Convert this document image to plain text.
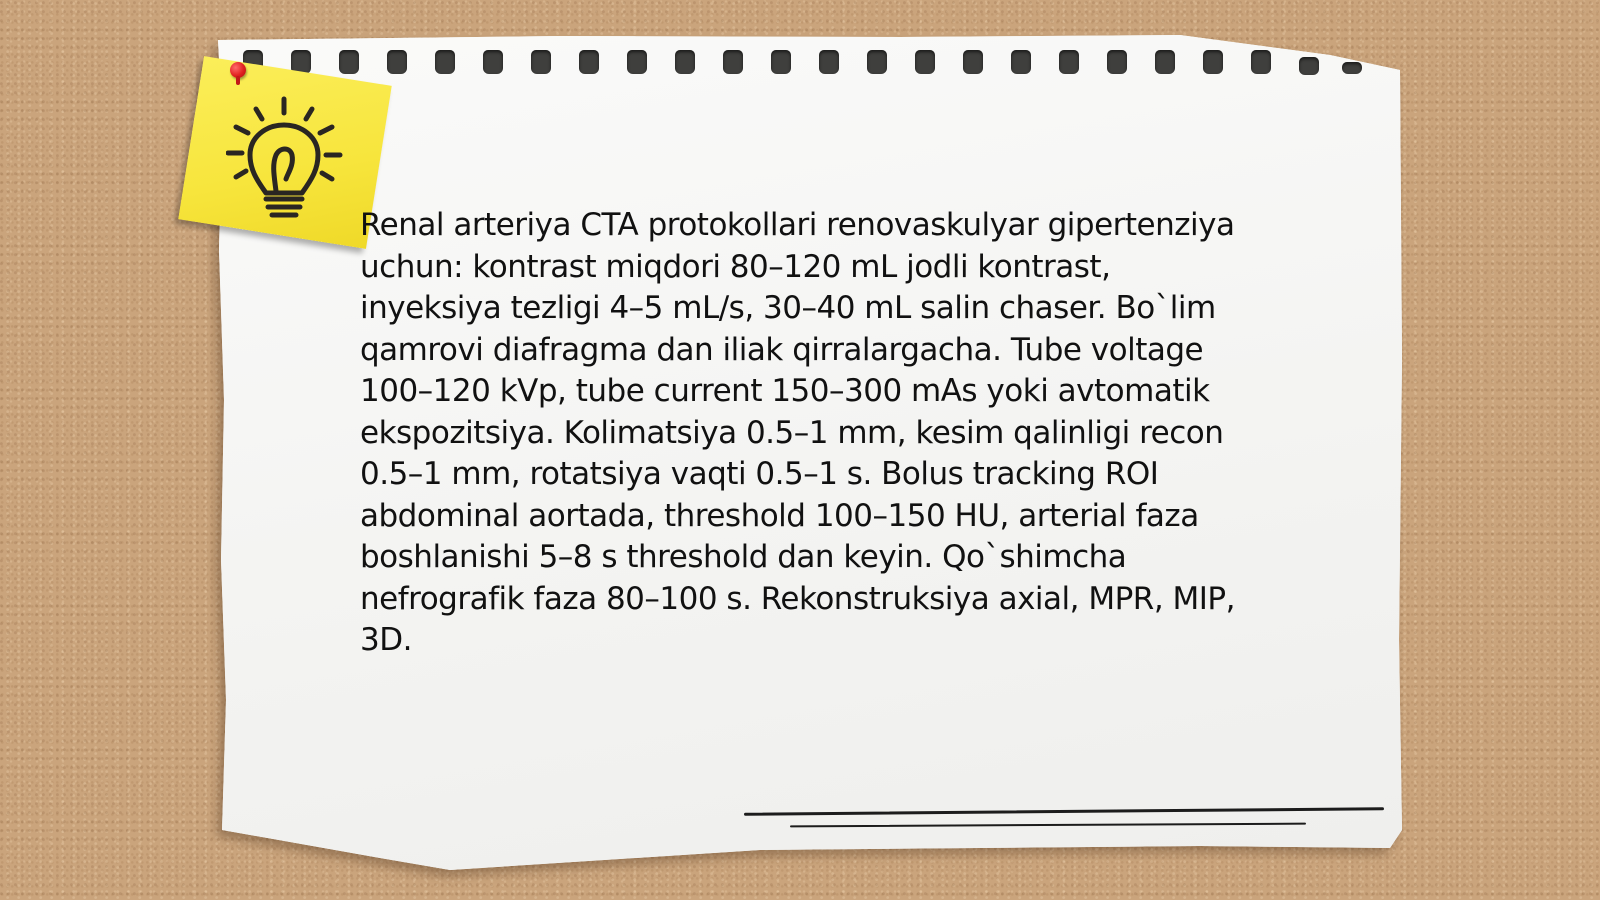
Renal arteriya CTA protokollari renovaskulyar gipertenziya uchun: kontrast miqdori 80–120 mL jodli kontrast, inyeksiya tezligi 4–5 mL/s, 30–40 mL salin chaser. Bo`lim qamrovi diafragma dan iliak qirralargacha. Tube voltage 100–120 kVp, tube current 150–300 mAs yoki avtomatik ekspozitsiya. Kolimatsiya 0.5–1 mm, kesim qalinligi recon 0.5–1 mm, rotatsiya vaqti 0.5–1 s. Bolus tracking ROI abdominal aortada, threshold 100–150 HU, arterial faza boshlanishi 5–8 s threshold dan keyin. Qo`shimcha nefrografik faza 80–100 s. Rekonstruksiya axial, MPR, MIP, 3D.
